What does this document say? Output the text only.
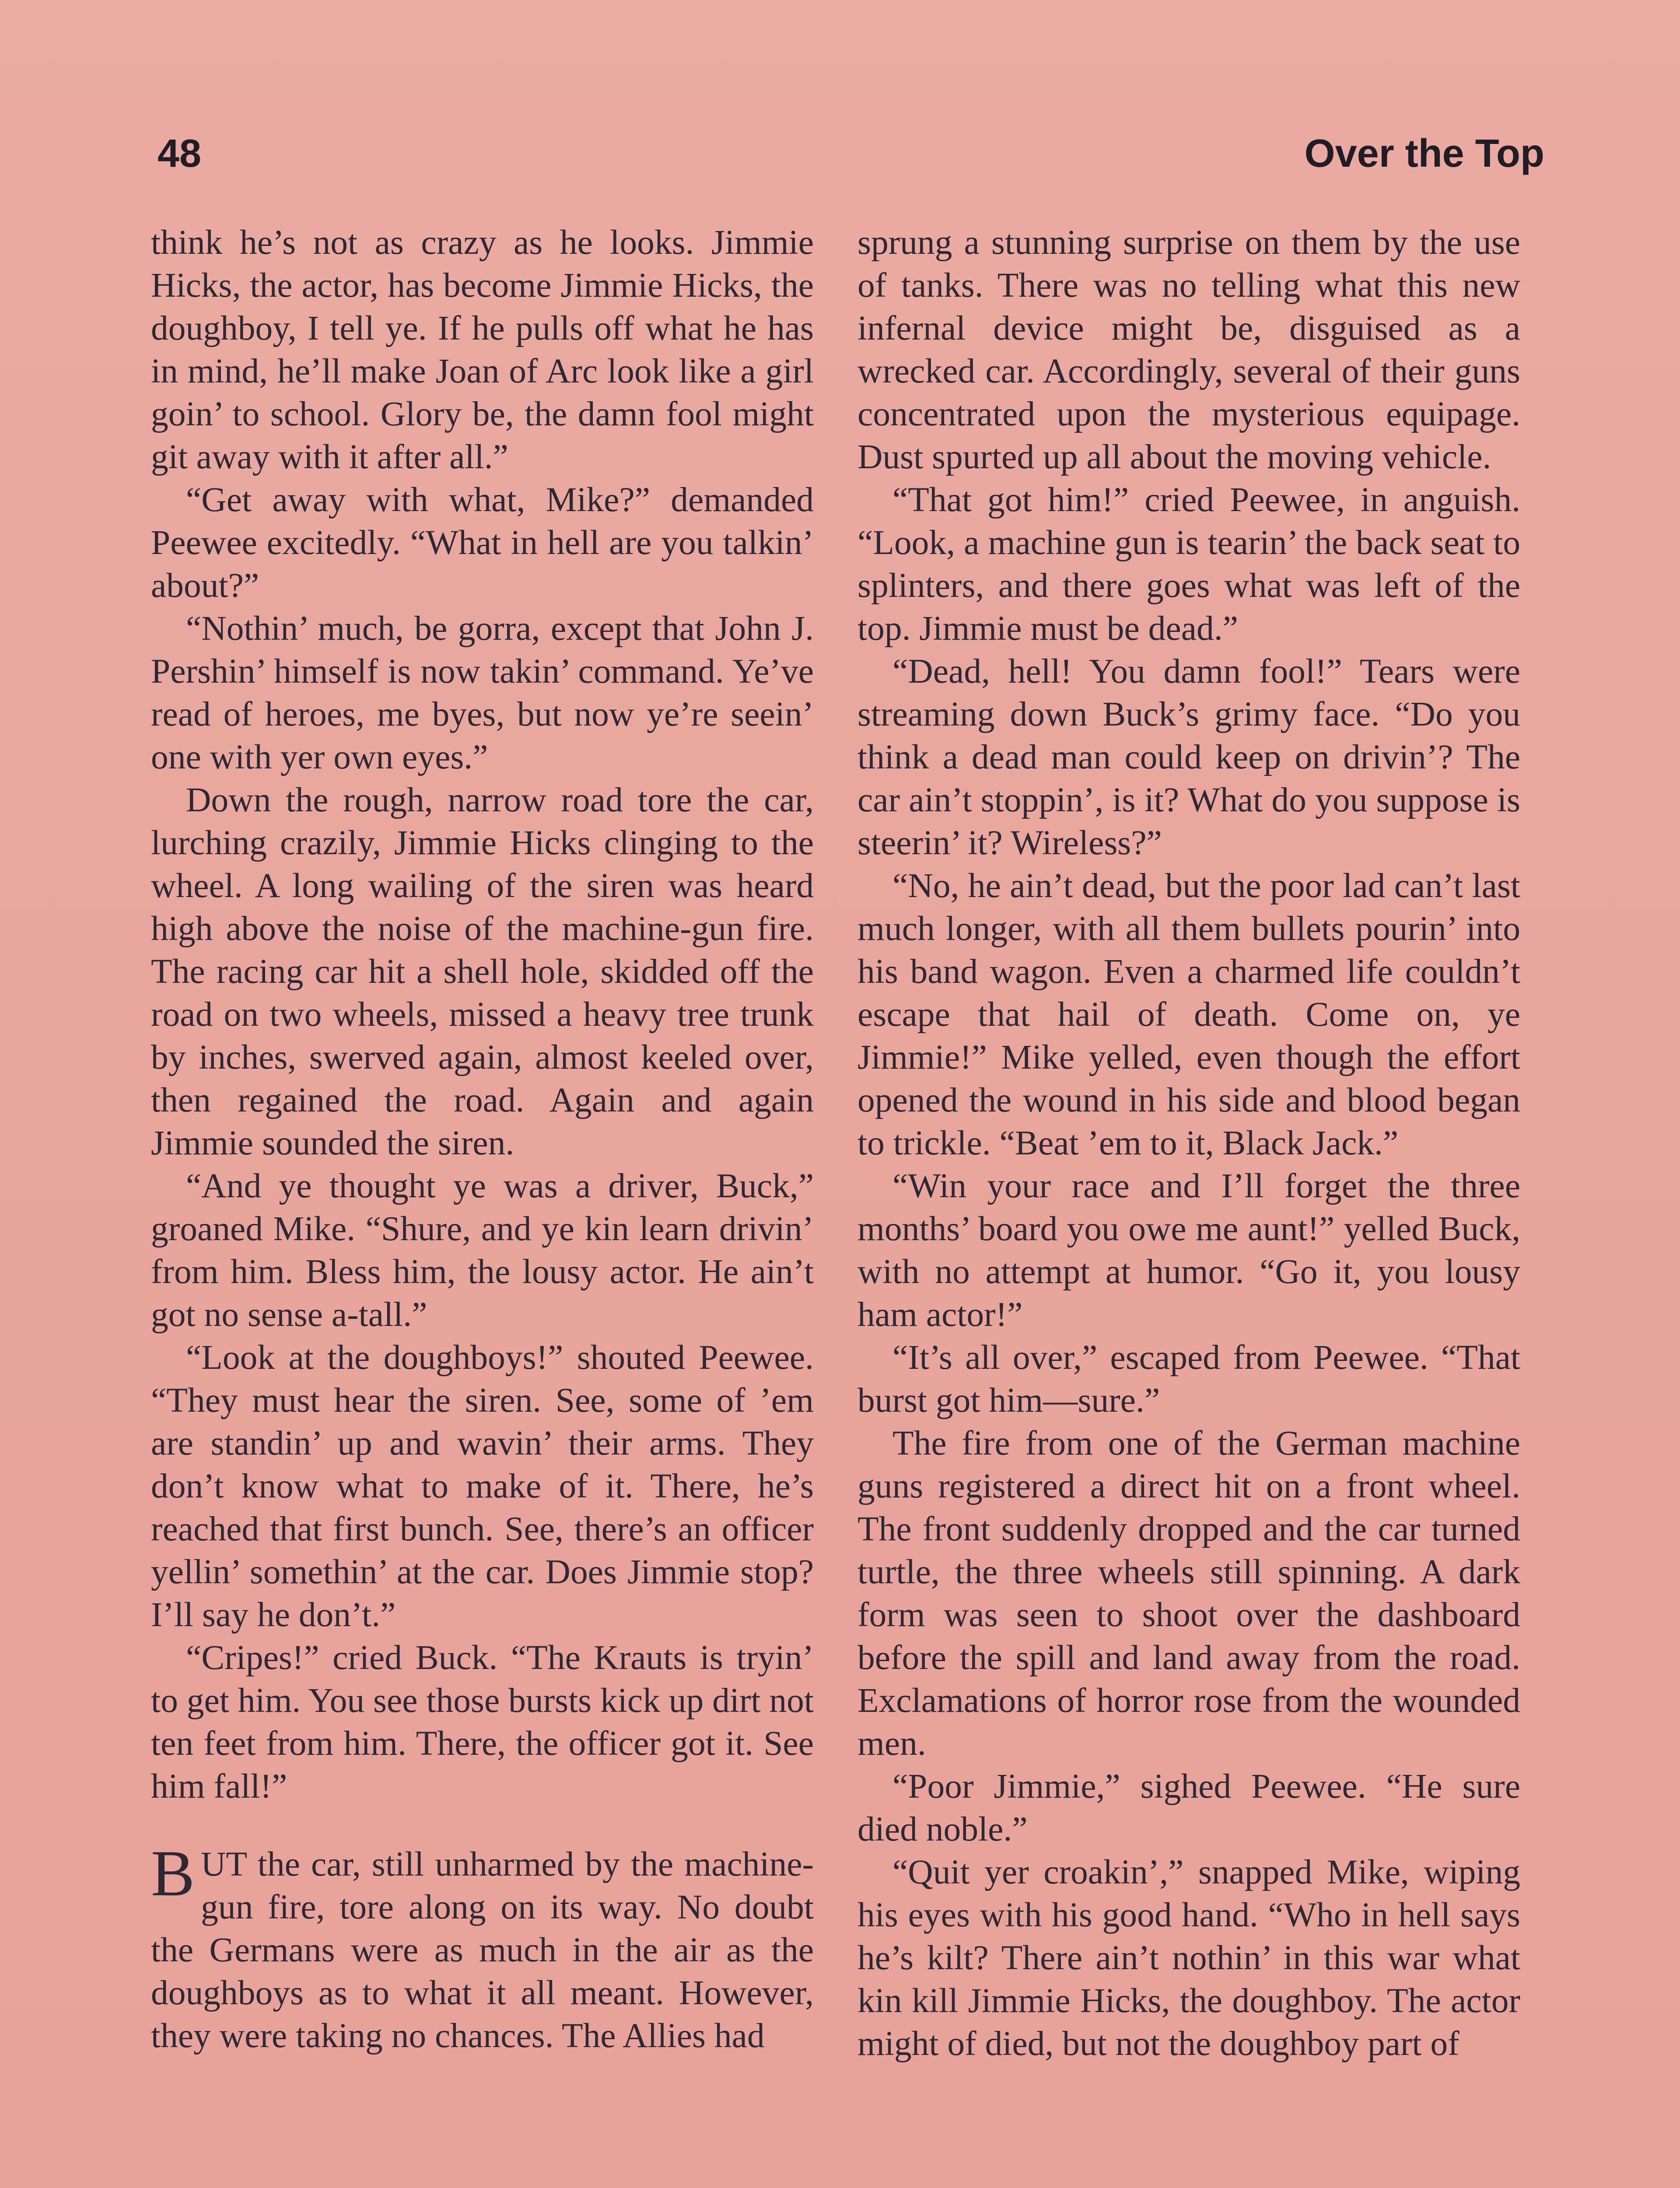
48	Over the Top

think he’s not as crazy as he looks. Jimmie Hicks, the actor, has become Jimmie Hicks, the doughboy, I tell ye. If he pulls off what he has in mind, he’ll make Joan of Arc look like a girl goin’ to school. Glory be, the damn fool might git away with it after all.”

“Get away with what, Mike?” demanded Peewee excitedly. “What in hell are you talkin’ about?”

“Nothin’ much, be gorra, except that John J. Pershin’ himself is now takin’ command. Ye’ve read of heroes, me byes, but now ye’re seein’ one with yer own eyes.”

Down the rough, narrow road tore the car, lurching crazily, Jimmie Hicks clinging to the wheel. A long wailing of the siren was heard high above the noise of the machine-gun fire. The racing car hit a shell hole, skidded off the road on two wheels, missed a heavy tree trunk by inches, swerved again, almost keeled over, then regained the road. Again and again Jimmie sounded the siren.

“And ye thought ye was a driver, Buck,” groaned Mike. “Shure, and ye kin learn drivin’ from him. Bless him, the lousy actor. He ain’t got no sense a-tall.”

“Look at the doughboys!” shouted Peewee. “They must hear the siren. See, some of ’em are standin’ up and wavin’ their arms. They don’t know what to make of it. There, he’s reached that first bunch. See, there’s an officer yellin’ somethin’ at the car. Does Jimmie stop? I’ll say he don’t.”

“Cripes!” cried Buck. “The Krauts is tryin’ to get him. You see those bursts kick up dirt not ten feet from him. There, the officer got it. See him fall!”

BUT the car, still unharmed by the machine-gun fire, tore along on its way. No doubt the Germans were as much in the air as the doughboys as to what it all meant. However, they were taking no chances. The Allies had

sprung a stunning surprise on them by the use of tanks. There was no telling what this new infernal device might be, disguised as a wrecked car. Accordingly, several of their guns concentrated upon the mysterious equipage. Dust spurted up all about the moving vehicle.

“That got him!” cried Peewee, in anguish. “Look, a machine gun is tearin’ the back seat to splinters, and there goes what was left of the top. Jimmie must be dead.”

“Dead, hell! You damn fool!” Tears were streaming down Buck’s grimy face. “Do you think a dead man could keep on drivin’? The car ain’t stoppin’, is it? What do you suppose is steerin’ it? Wireless?”

“No, he ain’t dead, but the poor lad can’t last much longer, with all them bullets pourin’ into his band wagon. Even a charmed life couldn’t escape that hail of death. Come on, ye Jimmie!” Mike yelled, even though the effort opened the wound in his side and blood began to trickle. “Beat ’em to it, Black Jack.”

“Win your race and I’ll forget the three months’ board you owe me aunt!” yelled Buck, with no attempt at humor. “Go it, you lousy ham actor!”

“It’s all over,” escaped from Peewee. “That burst got him—sure.”

The fire from one of the German machine guns registered a direct hit on a front wheel. The front suddenly dropped and the car turned turtle, the three wheels still spinning. A dark form was seen to shoot over the dashboard before the spill and land away from the road. Exclamations of horror rose from the wounded men.

“Poor Jimmie,” sighed Peewee. “He sure died noble.”

“Quit yer croakin’,” snapped Mike, wiping his eyes with his good hand. “Who in hell says he’s kilt? There ain’t nothin’ in this war what kin kill Jimmie Hicks, the doughboy. The actor might of died, but not the doughboy part of
